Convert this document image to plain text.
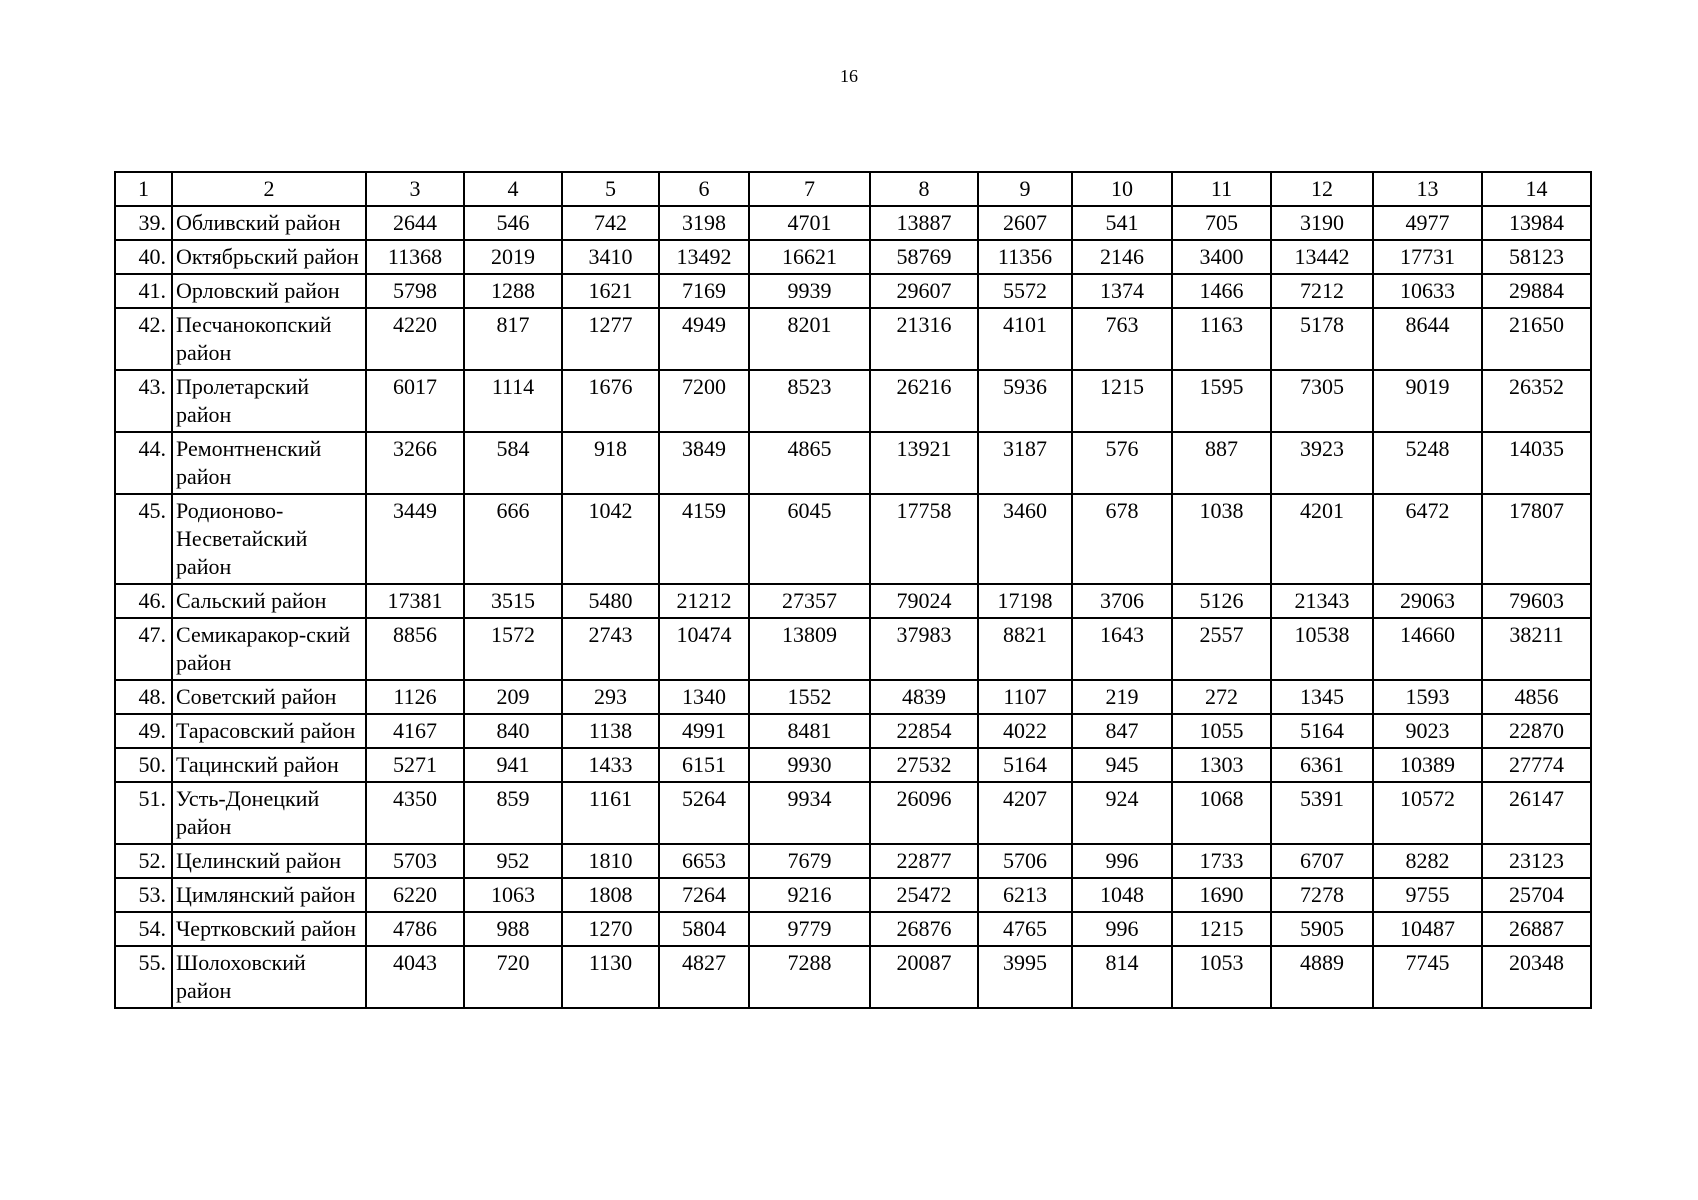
16
1	2	3	4	5	6	7	8	9	10	11	12	13	14
39.	Обливский район	2644	546	742	3198	4701	13887	2607	541	705	3190	4977	13984
40.	Октябрьский район	11368	2019	3410	13492	16621	58769	11356	2146	3400	13442	17731	58123
41.	Орловский район	5798	1288	1621	7169	9939	29607	5572	1374	1466	7212	10633	29884
42.	Песчанокопский район	4220	817	1277	4949	8201	21316	4101	763	1163	5178	8644	21650
43.	Пролетарский район	6017	1114	1676	7200	8523	26216	5936	1215	1595	7305	9019	26352
44.	Ремонтненский район	3266	584	918	3849	4865	13921	3187	576	887	3923	5248	14035
45.	Родионово-Несветайский район	3449	666	1042	4159	6045	17758	3460	678	1038	4201	6472	17807
46.	Сальский район	17381	3515	5480	21212	27357	79024	17198	3706	5126	21343	29063	79603
47.	Семикаракор-ский район	8856	1572	2743	10474	13809	37983	8821	1643	2557	10538	14660	38211
48.	Советский район	1126	209	293	1340	1552	4839	1107	219	272	1345	1593	4856
49.	Тарасовский район	4167	840	1138	4991	8481	22854	4022	847	1055	5164	9023	22870
50.	Тацинский район	5271	941	1433	6151	9930	27532	5164	945	1303	6361	10389	27774
51.	Усть-Донецкий район	4350	859	1161	5264	9934	26096	4207	924	1068	5391	10572	26147
52.	Целинский район	5703	952	1810	6653	7679	22877	5706	996	1733	6707	8282	23123
53.	Цимлянский район	6220	1063	1808	7264	9216	25472	6213	1048	1690	7278	9755	25704
54.	Чертковский район	4786	988	1270	5804	9779	26876	4765	996	1215	5905	10487	26887
55.	Шолоховский район	4043	720	1130	4827	7288	20087	3995	814	1053	4889	7745	20348
